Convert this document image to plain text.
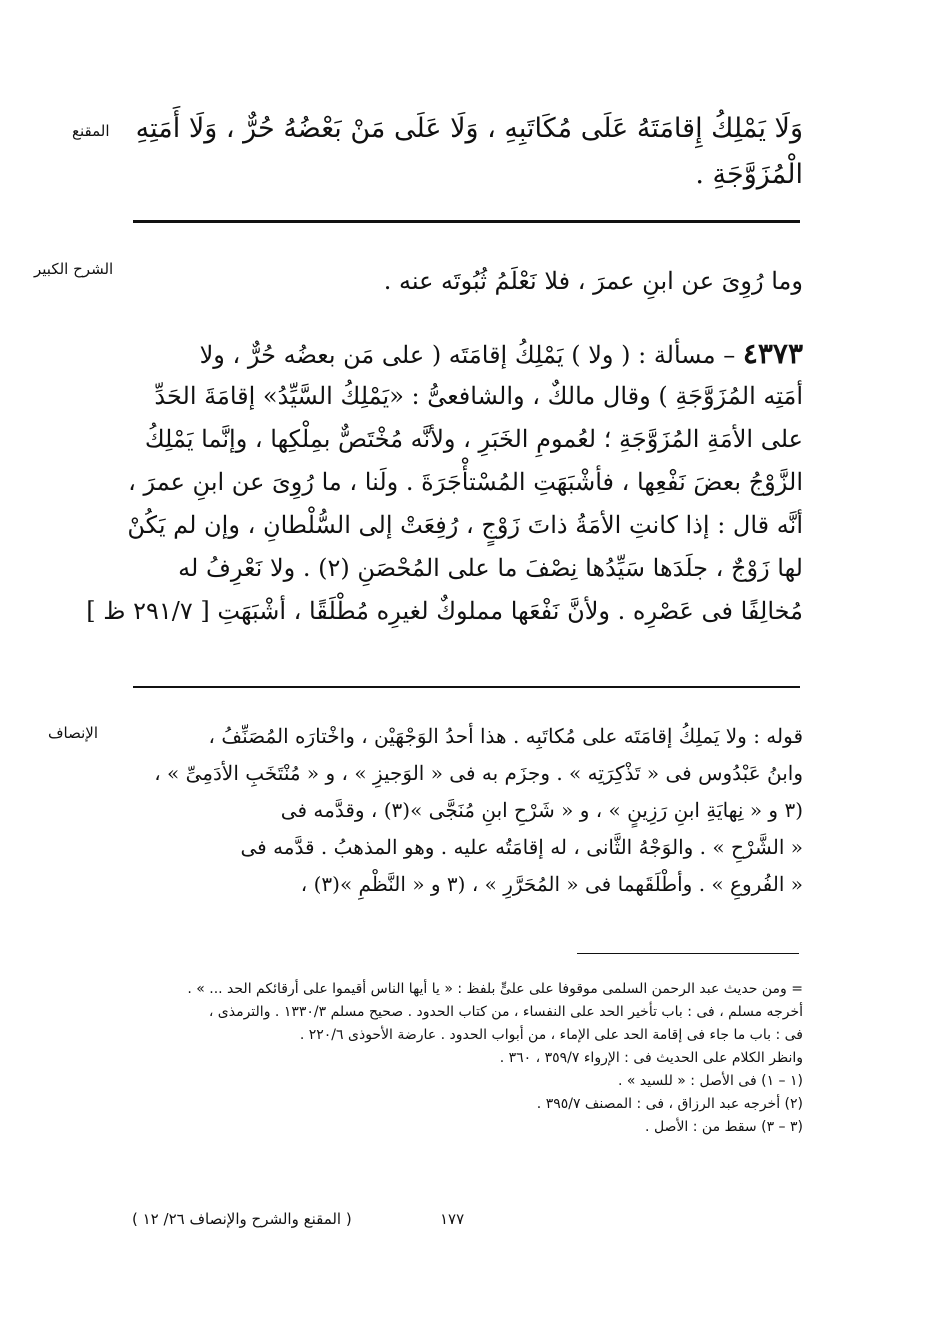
المقنع
الشرح الكبير
الإنصاف
وَلَا يَمْلِكُ إِقامَتَهُ عَلَى مُكَاتَبِهِ ، وَلَا عَلَى مَنْ بَعْضُهُ حُرٌّ ، وَلَا أَمَتِهِ
الْمُزَوَّجَةِ .
وما رُوِىَ عن ابنِ عمرَ ، فلا نَعْلَمُ ثُبُوتَه عنه .
٤٣٧٣ – مسألة : ( ولا ) يَمْلِكُ إقامَتَه ( على مَن بعضُه حُرٌّ ، ولا
أمَتِه المُزَوَّجَةِ ) وقال مالكٌ ، والشافعىُّ : «يَمْلِكُ السَّيِّدُ» إقامَةَ الحَدِّ
على الأمَةِ المُزَوَّجَةِ ؛ لعُمومِ الخَبَرِ ، ولأنَّه مُخْتَصٌّ بمِلْكِها ، وإنَّما يَمْلِكُ
الزَّوْجُ بعضَ نَفْعِها ، فأشْبَهَتِ المُسْتأْجَرَةَ . ولَنا ، ما رُوِىَ عن ابنِ عمرَ ،
أنَّه قال : إذا كانتِ الأمَةُ ذاتَ زَوْجٍ ، رُفِعَتْ إلى السُّلْطانِ ، وإن لم يَكُنْ
لها زَوْجٌ ، جلَدَها سَيِّدُها نِصْفَ ما على المُحْصَنِ (٢) . ولا نَعْرِفُ له
مُخالِفًا فى عَصْرِه . ولأنَّ نَفْعَها مملوكٌ لغيرِه مُطْلَقًا ، أشْبَهَتِ [ ٢٩١/٧ ظ ]
قوله : ولا يَملِكُ إقامَتَه على مُكاتَبِه . هذا أحدُ الوَجْهَيْن ، واخْتارَه المُصَنِّفُ ،
وابنُ عَبْدُوس فى « تَذْكِرَتِه » . وجزَم به فى « الوَجيزِ » ، و « مُنْتَخَبِ الأدَمِىِّ » ،
(٣ و « نِهايَةِ ابنِ رَزِينٍ » ، و « شَرْحِ ابنِ مُنَجَّى »(٣) ، وقدَّمه فى
« الشَّرْحِ » . والوَجْهُ الثَّانى ، له إقامَتُه عليه . وهو المذهبُ . قدَّمه فى
« الفُروعِ » . وأطْلَقَهما فى « المُحَرَّرِ » ، (٣ و « النَّظْمِ »(٣) ،
= ومن حديث عبد الرحمن السلمى موقوفا على علىٍّ بلفظ : « يا أيها الناس أقيموا على أرقائكم الحد ... » .
أخرجه مسلم ، فى : باب تأخير الحد على النفساء ، من كتاب الحدود . صحيح مسلم ١٣٣٠/٣ . والترمذى ،
فى : باب ما جاء فى إقامة الحد على الإماء ، من أبواب الحدود . عارضة الأحوذى ٢٢٠/٦ .
وانظر الكلام على الحديث فى : الإرواء ٣٥٩/٧ ، ٣٦٠ .
(١ – ١) فى الأصل : « للسيد » .
(٢) أخرجه عبد الرزاق ، فى : المصنف ٣٩٥/٧ .
(٣ – ٣) سقط من : الأصل .
١٧٧
( المقنع والشرح والإنصاف ٢٦/ ١٢ )
